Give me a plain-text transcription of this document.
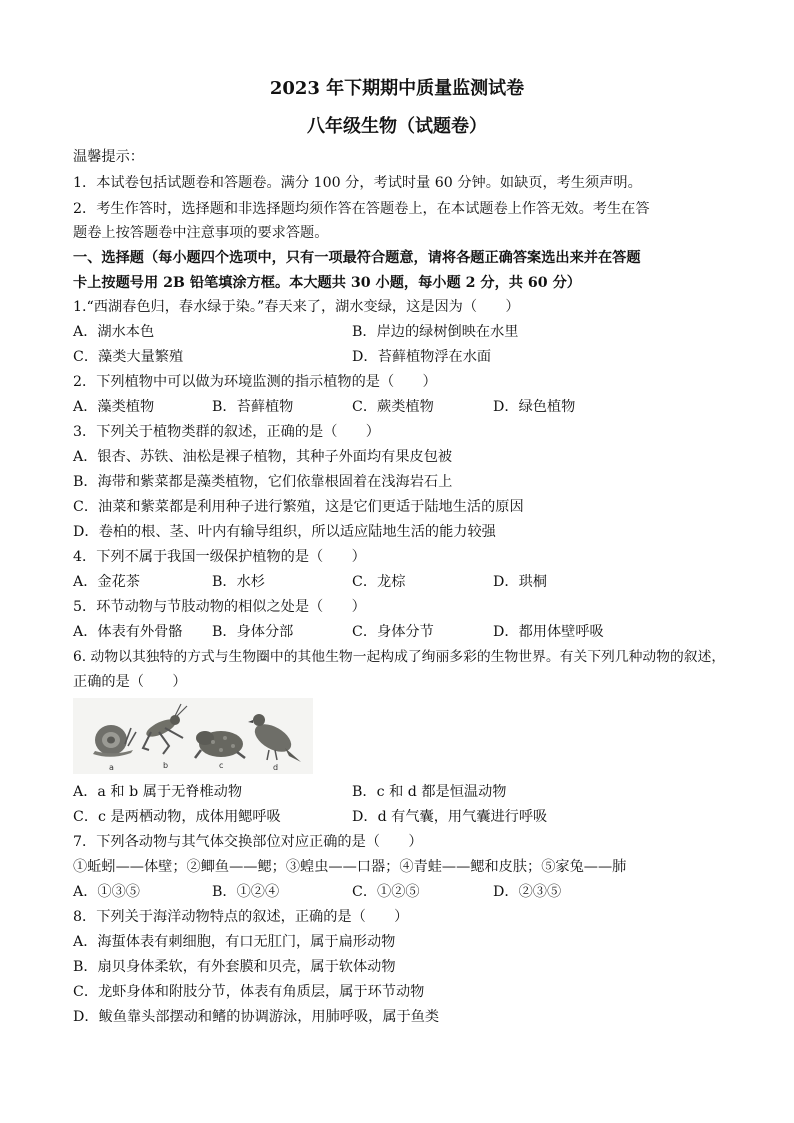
2023 年下期期中质量监测试卷
八年级生物（试题卷）
温馨提示：
1．本试卷包括试题卷和答题卷。满分 100 分，考试时量 60 分钟。如缺页，考生须声明。
2．考生作答时，选择题和非选择题均须作答在答题卷上，在本试题卷上作答无效。考生在答
题卷上按答题卷中注意事项的要求答题。
一、选择题（每小题四个选项中，只有一项最符合题意，请将各题正确答案选出来并在答题
卡上按题号用 2B 铅笔填涂方框。本大题共 30 小题，每小题 2 分，共 60 分）
1.“西湖春色归，春水绿于染。”春天来了，湖水变绿，这是因为（　　）
A．湖水本色	B．岸边的绿树倒映在水里
C．藻类大量繁殖	D．苔藓植物浮在水面
2．下列植物中可以做为环境监测的指示植物的是（　　）
A．藻类植物	B．苔藓植物	C．蕨类植物	D．绿色植物
3．下列关于植物类群的叙述，正确的是（　　）
A．银杏、苏铁、油松是裸子植物，其种子外面均有果皮包被
B．海带和紫菜都是藻类植物，它们依靠根固着在浅海岩石上
C．油菜和紫菜都是利用种子进行繁殖，这是它们更适于陆地生活的原因
D．卷柏的根、茎、叶内有输导组织，所以适应陆地生活的能力较强
4．下列不属于我国一级保护植物的是（　　）
A．金花茶	B．水杉	C．龙棕	D．珙桐
5．环节动物与节肢动物的相似之处是（　　）
A．体表有外骨骼 B．身体分部	C．身体分节	D．都用体壁呼吸
6. 动物以其独特的方式与生物圈中的其他生物一起构成了绚丽多彩的生物世界。有关下列几种动物的叙述，
正确的是（　　）
a	b	c	d
A．a 和 b 属于无脊椎动物	B．c 和 d 都是恒温动物
C．c 是两栖动物，成体用鳃呼吸	D．d 有气囊，用气囊进行呼吸
7．下列各动物与其气体交换部位对应正确的是（　　）
①蚯蚓——体壁；②鲫鱼——鳃；③蝗虫——口器；④青蛙——鳃和皮肤；⑤家兔——肺
A．①③⑤	B．①②④	C．①②⑤	D．②③⑤
8．下列关于海洋动物特点的叙述，正确的是（　　）
A．海蜇体表有刺细胞，有口无肛门，属于扁形动物
B．扇贝身体柔软，有外套膜和贝壳，属于软体动物
C．龙虾身体和附肢分节，体表有角质层，属于环节动物
D．鲅鱼靠头部摆动和鳍的协调游泳，用肺呼吸，属于鱼类
